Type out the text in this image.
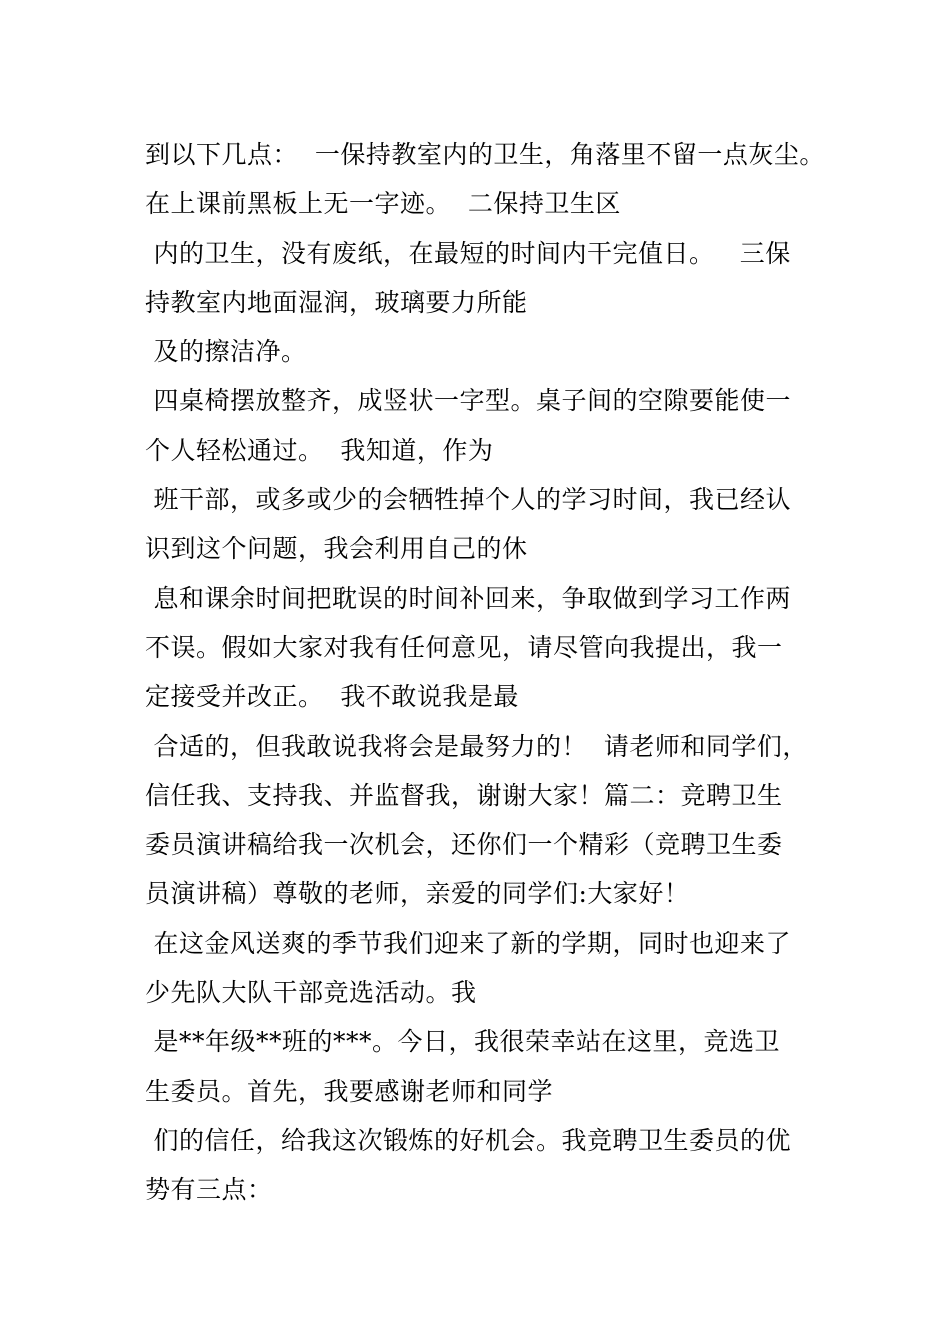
到以下几点：  一保持教室内的卫生，角落里不留一点灰尘。
在上课前黑板上无一字迹。  二保持卫生区
内的卫生，没有废纸，在最短的时间内干完值日。   三保
持教室内地面湿润，玻璃要力所能
及的擦洁净。
四桌椅摆放整齐，成竖状一字型。桌子间的空隙要能使一
个人轻松通过。  我知道，作为
班干部，或多或少的会牺牲掉个人的学习时间，我已经认
识到这个问题，我会利用自己的休
息和课余时间把耽误的时间补回来，争取做到学习工作两
不误。假如大家对我有任何意见，请尽管向我提出，我一
定接受并改正。  我不敢说我是最
合适的，但我敢说我将会是最努力的！  请老师和同学们，
信任我、支持我、并监督我，谢谢大家！篇二：竞聘卫生
委员演讲稿给我一次机会，还你们一个精彩（竞聘卫生委
员演讲稿）尊敬的老师，亲爱的同学们:大家好！
在这金风送爽的季节我们迎来了新的学期，同时也迎来了
少先队大队干部竞选活动。我
是**年级**班的***。今日，我很荣幸站在这里，竞选卫
生委员。首先，我要感谢老师和同学
们的信任，给我这次锻炼的好机会。我竞聘卫生委员的优
势有三点：
